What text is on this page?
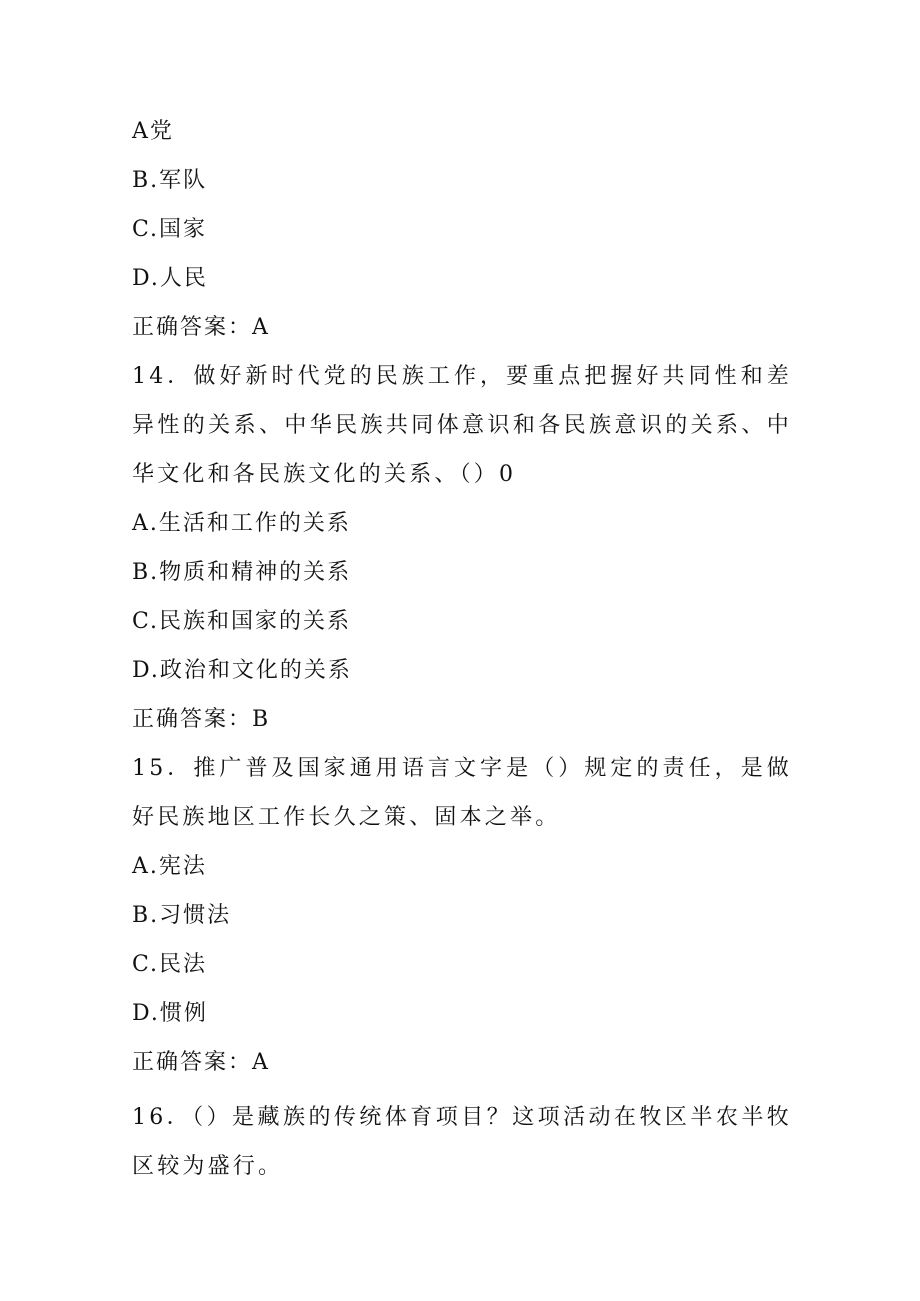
A党
B.军队
C.国家
D.人民
正确答案：A
14．做好新时代党的民族工作，要重点把握好共同性和差异性的关系、中华民族共同体意识和各民族意识的关系、中华文化和各民族文化的关系、（）0
A.生活和工作的关系
B.物质和精神的关系
C.民族和国家的关系
D.政治和文化的关系
正确答案：B
15．推广普及国家通用语言文字是（）规定的责任，是做好民族地区工作长久之策、固本之举。
A.宪法
B.习惯法
C.民法
D.惯例
正确答案：A
16．（）是藏族的传统体育项目？这项活动在牧区半农半牧区较为盛行。
